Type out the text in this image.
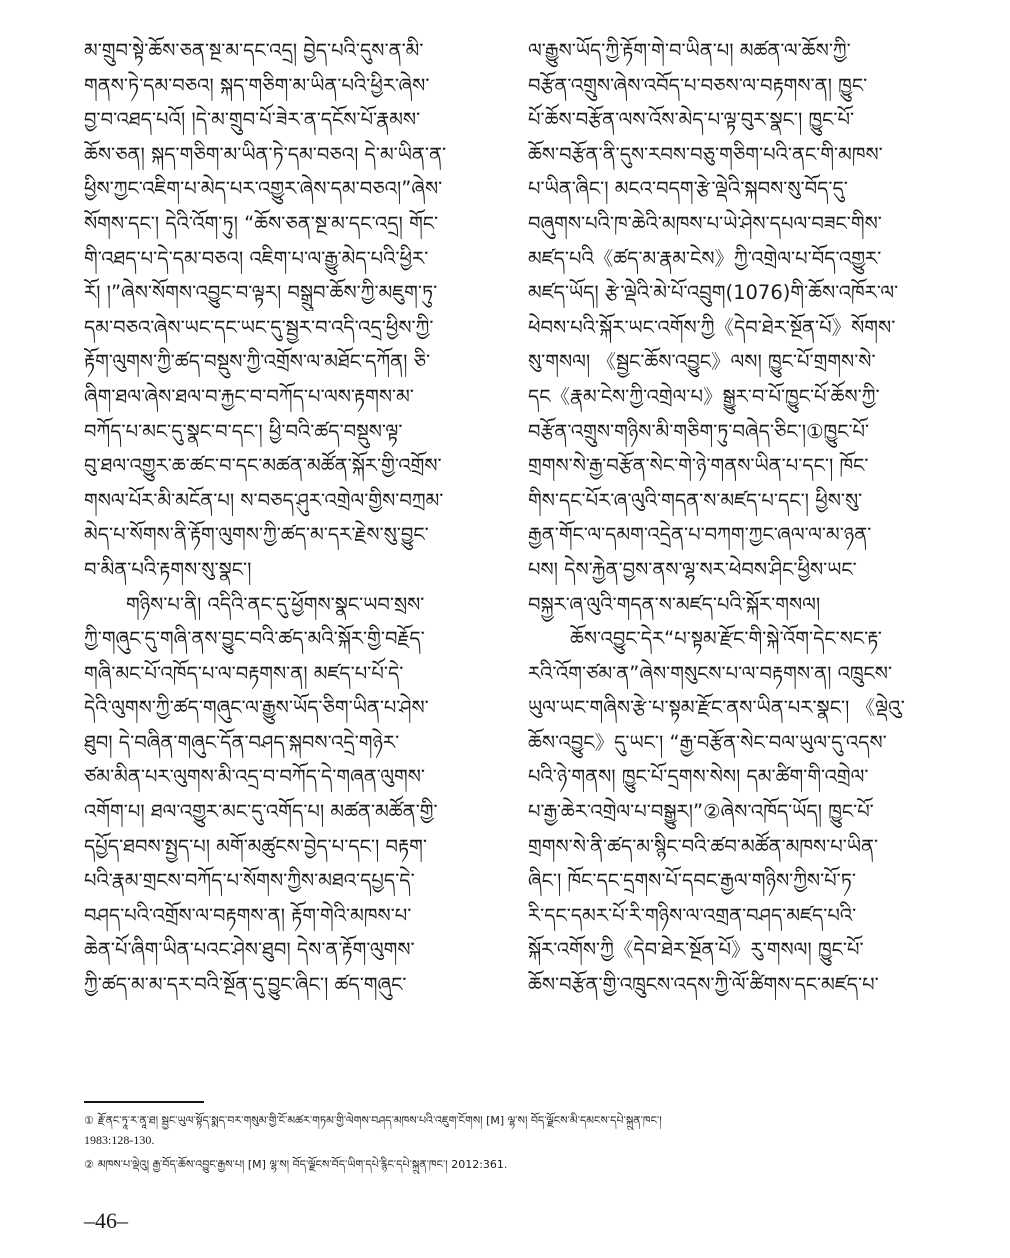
མ་གྲུབ་སྟེ་ཆོས་ཅན་སྔ་མ་དང་འདྲ། བྱེད་པའི་དུས་ན་མི་
གནས་ཏེ་དམ་བཅའ། སྐད་གཅིག་མ་ཡིན་པའི་ཕྱིར་ཞེས་
བྱ་བ་འཐད་པའོ། །དེ་མ་གྲུབ་པོ་ཟེར་ན་དངོས་པོ་རྣམས་
ཆོས་ཅན། སྐད་གཅིག་མ་ཡིན་ཏེ་དམ་བཅའ། དེ་མ་ཡིན་ན་
ཕྱིས་ཀྱང་འཇིག་པ་མེད་པར་འགྱུར་ཞེས་དམ་བཅའ།”ཞེས་
སོགས་དང་། དེའི་འོག་ཏུ། “ཆོས་ཅན་སྔ་མ་དང་འདྲ། གོང་
གི་འཐད་པ་དེ་དམ་བཅའ། འཇིག་པ་ལ་རྒྱུ་མེད་པའི་ཕྱིར་
རོ། །”ཞེས་སོགས་འབྱུང་བ་ལྟར། བསྒྲུབ་ཆོས་ཀྱི་མཇུག་ཏུ་
དམ་བཅའ་ཞེས་ཡང་དང་ཡང་དུ་སྦྱར་བ་འདི་འདྲ་ཕྱིས་ཀྱི་
རྟོག་ལུགས་ཀྱི་ཚད་བསྡུས་ཀྱི་འགྲོས་ལ་མཐོང་དཀོན། ཅི་
ཞིག་ཐལ་ཞེས་ཐལ་བ་རྐྱང་བ་བཀོད་པ་ལས་རྟགས་མ་
བཀོད་པ་མང་དུ་སྣང་བ་དང་། ཕྱི་བའི་ཚད་བསྡུས་ལྟ་
བུ་ཐལ་འགྱུར་ཆ་ཚང་བ་དང་མཚན་མཚོན་སྐོར་གྱི་འགྲོས་
གསལ་པོར་མི་མངོན་པ། ས་བཅད་ཤུར་འགྲེལ་གྱིས་བཀྲམ་
མེད་པ་སོགས་ནི་རྟོག་ལུགས་ཀྱི་ཚད་མ་དར་རྗེས་སུ་བྱུང་
བ་མིན་པའི་རྟགས་སུ་སྣང་།
གཉིས་པ་ནི། འདིའི་ནང་དུ་ཕྱོགས་སྣང་ཡབ་སྲས་
ཀྱི་གཞུང་དུ་གཞི་ནས་བྱུང་བའི་ཚད་མའི་སྐོར་གྱི་བརྗོད་
གཞི་མང་པོ་འཁོད་པ་ལ་བརྟགས་ན། མཛད་པ་པོ་དེ་
དེའི་ལུགས་ཀྱི་ཚད་གཞུང་ལ་རྒྱུས་ཡོད་ཅིག་ཡིན་པ་ཤེས་
ཐུབ། དེ་བཞིན་གཞུང་དོན་བཤད་སྐབས་འདྲེ་གཉེར་
ཙམ་མིན་པར་ལུགས་མི་འདྲ་བ་བཀོད་དེ་གཞན་ལུགས་
འགོག་པ། ཐལ་འགྱུར་མང་དུ་འགོད་པ། མཚན་མཚོན་གྱི་
དཔྱོད་ཐབས་སྤྱད་པ། མགོ་མཚུངས་བྱེད་པ་དང་། བརྟག་
པའི་རྣམ་གྲངས་བཀོད་པ་སོགས་ཀྱིས་མཐའ་དཔྱད་དེ་
བཤད་པའི་འགྲོས་ལ་བརྟགས་ན། རྟོག་གེའི་མཁས་པ་
ཆེན་པོ་ཞིག་ཡིན་པའང་ཤེས་ཐུབ། དེས་ན་རྟོག་ལུགས་
ཀྱི་ཚད་མ་མ་དར་བའི་སྔོན་དུ་བྱུང་ཞིང་། ཚད་གཞུང་
ལ་རྒྱུས་ཡོད་ཀྱི་རྟོག་གེ་བ་ཡིན་པ། མཚན་ལ་ཆོས་ཀྱི་
བརྩོན་འགྲུས་ཞེས་འབོད་པ་བཅས་ལ་བརྟགས་ན། ཁྱུང་
པོ་ཆོས་བརྩོན་ལས་འོས་མེད་པ་ལྟ་བུར་སྣང་། ཁྱུང་པོ་
ཆོས་བརྩོན་ནི་དུས་རབས་བཅུ་གཅིག་པའི་ནང་གི་མཁས་
པ་ཡིན་ཞིང་། མངའ་བདག་རྩེ་ལྡེའི་སྐབས་སུ་བོད་དུ་
བཞུགས་པའི་ཁ་ཆེའི་མཁས་པ་ཡེ་ཤེས་དཔལ་བཟང་གིས་
མཛད་པའི《ཚད་མ་རྣམ་ངེས》ཀྱི་འགྲེལ་པ་བོད་འགྱུར་
མཛད་ཡོད། རྩེ་ལྡེའི་མེ་པོ་འབྲུག(1076)གི་ཆོས་འཁོར་ལ་
ཕེབས་པའི་སྐོར་ཡང་འགོས་ཀྱི《དེབ་ཐེར་སྔོན་པོ》སོགས་
སུ་གསལ། 《སྦྱང་ཆོས་འབྱུང》ལས། ཁྱུང་པོ་གྲགས་སེ་
དང《རྣམ་ངེས་ཀྱི་འགྲེལ་པ》སྒྱུར་བ་པོ་ཁྱུང་པོ་ཆོས་ཀྱི་
བརྩོན་འགྲུས་གཉིས་མི་གཅིག་ཏུ་བཞེད་ཅིང་།①ཁྱུང་པོ་
གྲགས་སེ་རྒྱ་བརྩོན་སེང་གེ་ཉེ་གནས་ཡིན་པ་དང་། ཁོང་
གིས་དང་པོར་ཞ་ལུའི་གདན་ས་མཛད་པ་དང་། ཕྱིས་སུ་
རྒྱན་གོང་ལ་དམག་འདྲེན་པ་བཀག་ཀྱང་ཞལ་ལ་མ་ཉན་
པས། དེས་རྐྱེན་བྱས་ནས་ལྷ་སར་ཕེབས་ཤིང་ཕྱིས་ཡང་
བསྐྱར་ཞ་ལུའི་གདན་ས་མཛད་པའི་སྐོར་གསལ།
ཆོས་འབྱུང་དེར“པ་སྟམ་རྫོང་གི་སྐེ་འོག་དེང་སང་རྟ་
རའི་འོག་ཙམ་ན”ཞེས་གསུངས་པ་ལ་བརྟགས་ན། འཁྲུངས་
ཡུལ་ཡང་གཞིས་རྩེ་པ་སྟམ་རྫོང་ནས་ཡིན་པར་སྣང་། 《ལྡེའུ་
ཆོས་འབྱུང》དུ་ཡང་། “རྒྱ་བརྩོན་སེང་བལ་ཡུལ་དུ་འདས་
པའི་ཉེ་གནས། ཁྱུང་པོ་དྲགས་སེས། དམ་ཚིག་གི་འགྲེལ་
པ་རྒྱ་ཆེར་འགྲེལ་པ་བསྒྱུར།”②ཞེས་འཁོད་ཡོད། ཁྱུང་པོ་
གྲགས་སེ་ནི་ཚད་མ་སྙིང་བའི་ཚབ་མཚོན་མཁས་པ་ཡིན་
ཞིང་། ཁོང་དང་དྲགས་པོ་དབང་རྒྱལ་གཉིས་ཀྱིས་པོ་ཏ་
རི་དང་དམར་པོ་རི་གཉིས་ལ་འགྲན་བཤད་མཛད་པའི་
སྐོར་འགོས་ཀྱི《དེབ་ཐེར་སྔོན་པོ》རུ་གསལ། ཁྱུང་པོ་
ཆོས་བརྩོན་གྱི་འཁྲུངས་འདས་ཀྱི་ལོ་ཚིགས་དང་མཛད་པ་
① རྗོ་ནང་ཏཱ་ར་ནཱ་ཐ། སྦྱང་ཡུལ་སྟོད་སྨད་བར་གསུམ་གྱི་ངོ་མཚར་གཏམ་གྱི་ལེགས་བཤད་མཁས་པའི་འཇུག་ངོགས། [M] ལྷ་ས། བོད་ལྗོངས་མི་དམངས་དཔེ་སྐྲུན་ཁང་།
1983:128-130.
② མཁས་པ་ལྡེའུ། རྒྱ་བོད་ཆོས་འབྱུང་རྒྱས་པ། [M] ལྷ་ས། བོད་ལྗོངས་བོད་ཡིག་དཔེ་རྙིང་དཔེ་སྐྲུན་ཁང་། 2012:361.
–46–
